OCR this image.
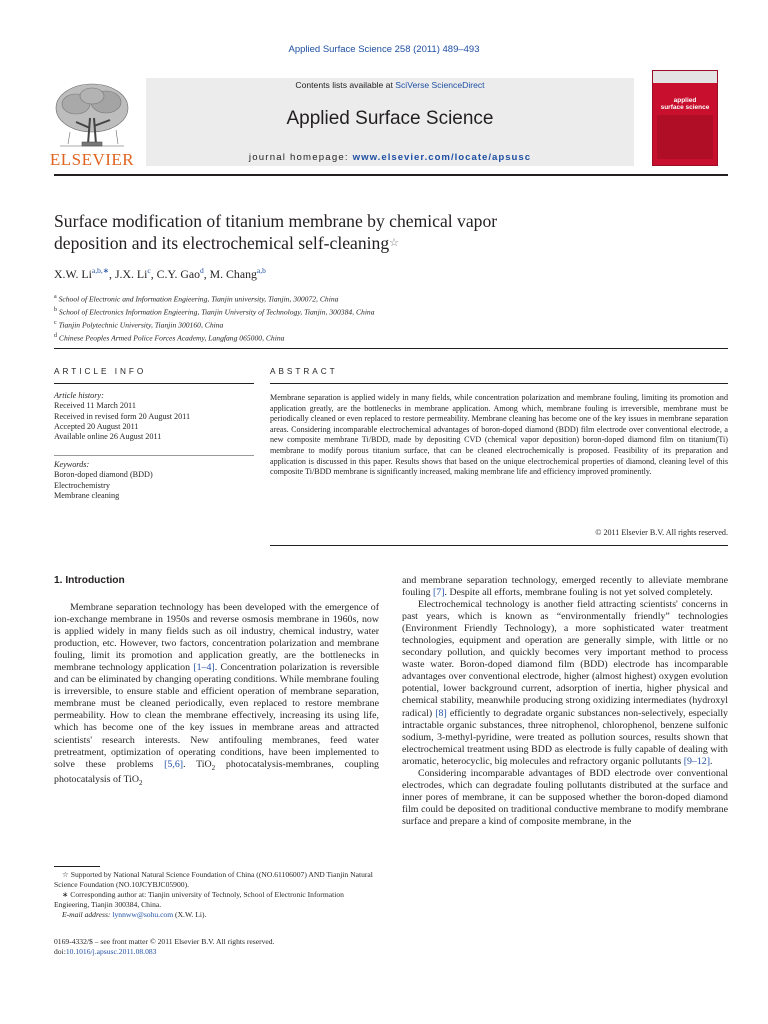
Applied Surface Science 258 (2011) 489–493
ELSEVIER
Contents lists available at SciVerse ScienceDirect
Applied Surface Science
journal homepage: www.elsevier.com/locate/apsusc
applied
surface science
Surface modification of titanium membrane by chemical vapor
deposition and its electrochemical self-cleaning☆
X.W. $Li^{a,b,∗}$, J.X. Li$^c$, C.Y. Gao$^d$, M. Chang$^{a,b}$
$^a$ School of Electronic and Information Engieering, Tianjin university, Tianjin, 300072, China
$^b$ School of Electronics Information Engieering, Tianjin University of Technology, Tianjin, 300384, China
$^c$ Tianjin Polytechnic University, Tianjin 300160, China
$^d$ Chinese Peoples Armed Police Forces Academy, Langfang 065000, China
ARTICLE INFO
Article history:
Received 11 March 2011
Received in revised form 20 August 2011
Accepted 20 August 2011
Available online 26 August 2011
Keywords:
Boron-doped diamond (BDD)
Electrochemistry
Membrane cleaning
ABSTRACT
Membrane separation is applied widely in many fields, while concentration polarization and membrane fouling, limiting its promotion and application greatly, are the bottlenecks in membrane application. Among which, membrane fouling is irreversible, membrane must be periodically cleaned or even replaced to restore permeability. Membrane cleaning has become one of the key issues in membrane separation areas. Considering incomparable electrochemical advantages of boron-doped diamond (BDD) film electrode over conventional electrode, a new composite membrane Ti/BDD, made by depositing CVD (chemical vapor deposition) boron-doped diamond film on titanium(Ti) membrane to modify porous titanium surface, that can be cleaned electrochemically is proposed. Feasibility of its preparation and application is discussed in this paper. Results shows that based on the unique electrochemical properties of diamond, cleaning level of this composite Ti/BDD membrane is significantly increased, making membrane life and efficiency improved prominently.
© 2011 Elsevier B.V. All rights reserved.
1. Introduction

Membrane separation technology has been developed with the emergence of ion-exchange membrane in 1950s and reverse osmosis membrane in 1960s, now is applied widely in many fields such as oil industry, chemical industry, water production, etc. However, two factors, concentration polarization and membrane fouling, limit its promotion and application greatly, are the bottlenecks in membrane technology application [1–4]. Concentration polarization is reversible and can be eliminated by changing operating conditions. While membrane fouling is irreversible, to ensure stable and efficient operation of membrane separation, membrane must be cleaned periodically, even replaced to restore membrane permeability. How to clean the membrane effectively, increasing its using life, which has become one of the key issues in membrane areas and attracted scientists' research interests. New antifouling membranes, feed water pretreatment, optimization of operating conditions, have been implemented to solve these problems [5,6]. TiO$_2$ photocatalysis-membranes, coupling photocatalysis of TiO$_2$

and membrane separation technology, emerged recently to alleviate membrane fouling [7]. Despite all efforts, membrane fouling is not yet solved completely.

Electrochemical technology is another field attracting scientists' concerns in past years, which is known as “environmentally friendly” technologies (Environment Friendly Technology), a more sophisticated water treatment technologies, equipment and operation are generally simple, with little or no secondary pollution, and quickly becomes very important method to process waste water. Boron-doped diamond film (BDD) electrode has incomparable advantages over conventional electrode, higher (almost highest) oxygen evolution potential, lower background current, adsorption of inertia, higher physical and chemical stability, meanwhile producing strong oxidizing intermediates (hydroxyl radical) [8] efficiently to degradate organic substances non-selectively, especially intractable organic substances, three nitrophenol, chlorophenol, benzene sulfonic sodium, 3-methyl-pyridine, were treated as pollution sources, results shown that electrochemical treatment using BDD as electrode is fully capable of dealing with aromatic, heterocyclic, big molecules and refractory organic pollutants [9–12].

Considering incomparable advantages of BDD electrode over conventional electrodes, which can degradate fouling pollutants distributed at the surface and inner pores of membrane, it can be supposed whether the boron-doped diamond film could be deposited on traditional conductive membrane to modify membrane surface and prepare a kind of composite membrane, in the

☆ Supported by National Natural Science Foundation of China ((NO.61106007) AND Tianjin Natural Science Foundation (NO.10JCYBJC05900).
∗ Corresponding author at: Tianjin university of Technoly, School of Electronic Information Engieering, Tianjin 300384, China.
E-mail address: lynnww@sohu.com (X.W. Li).
0169-4332/$ – see front matter © 2011 Elsevier B.V. All rights reserved.
doi:10.1016/j.apsusc.2011.08.083
